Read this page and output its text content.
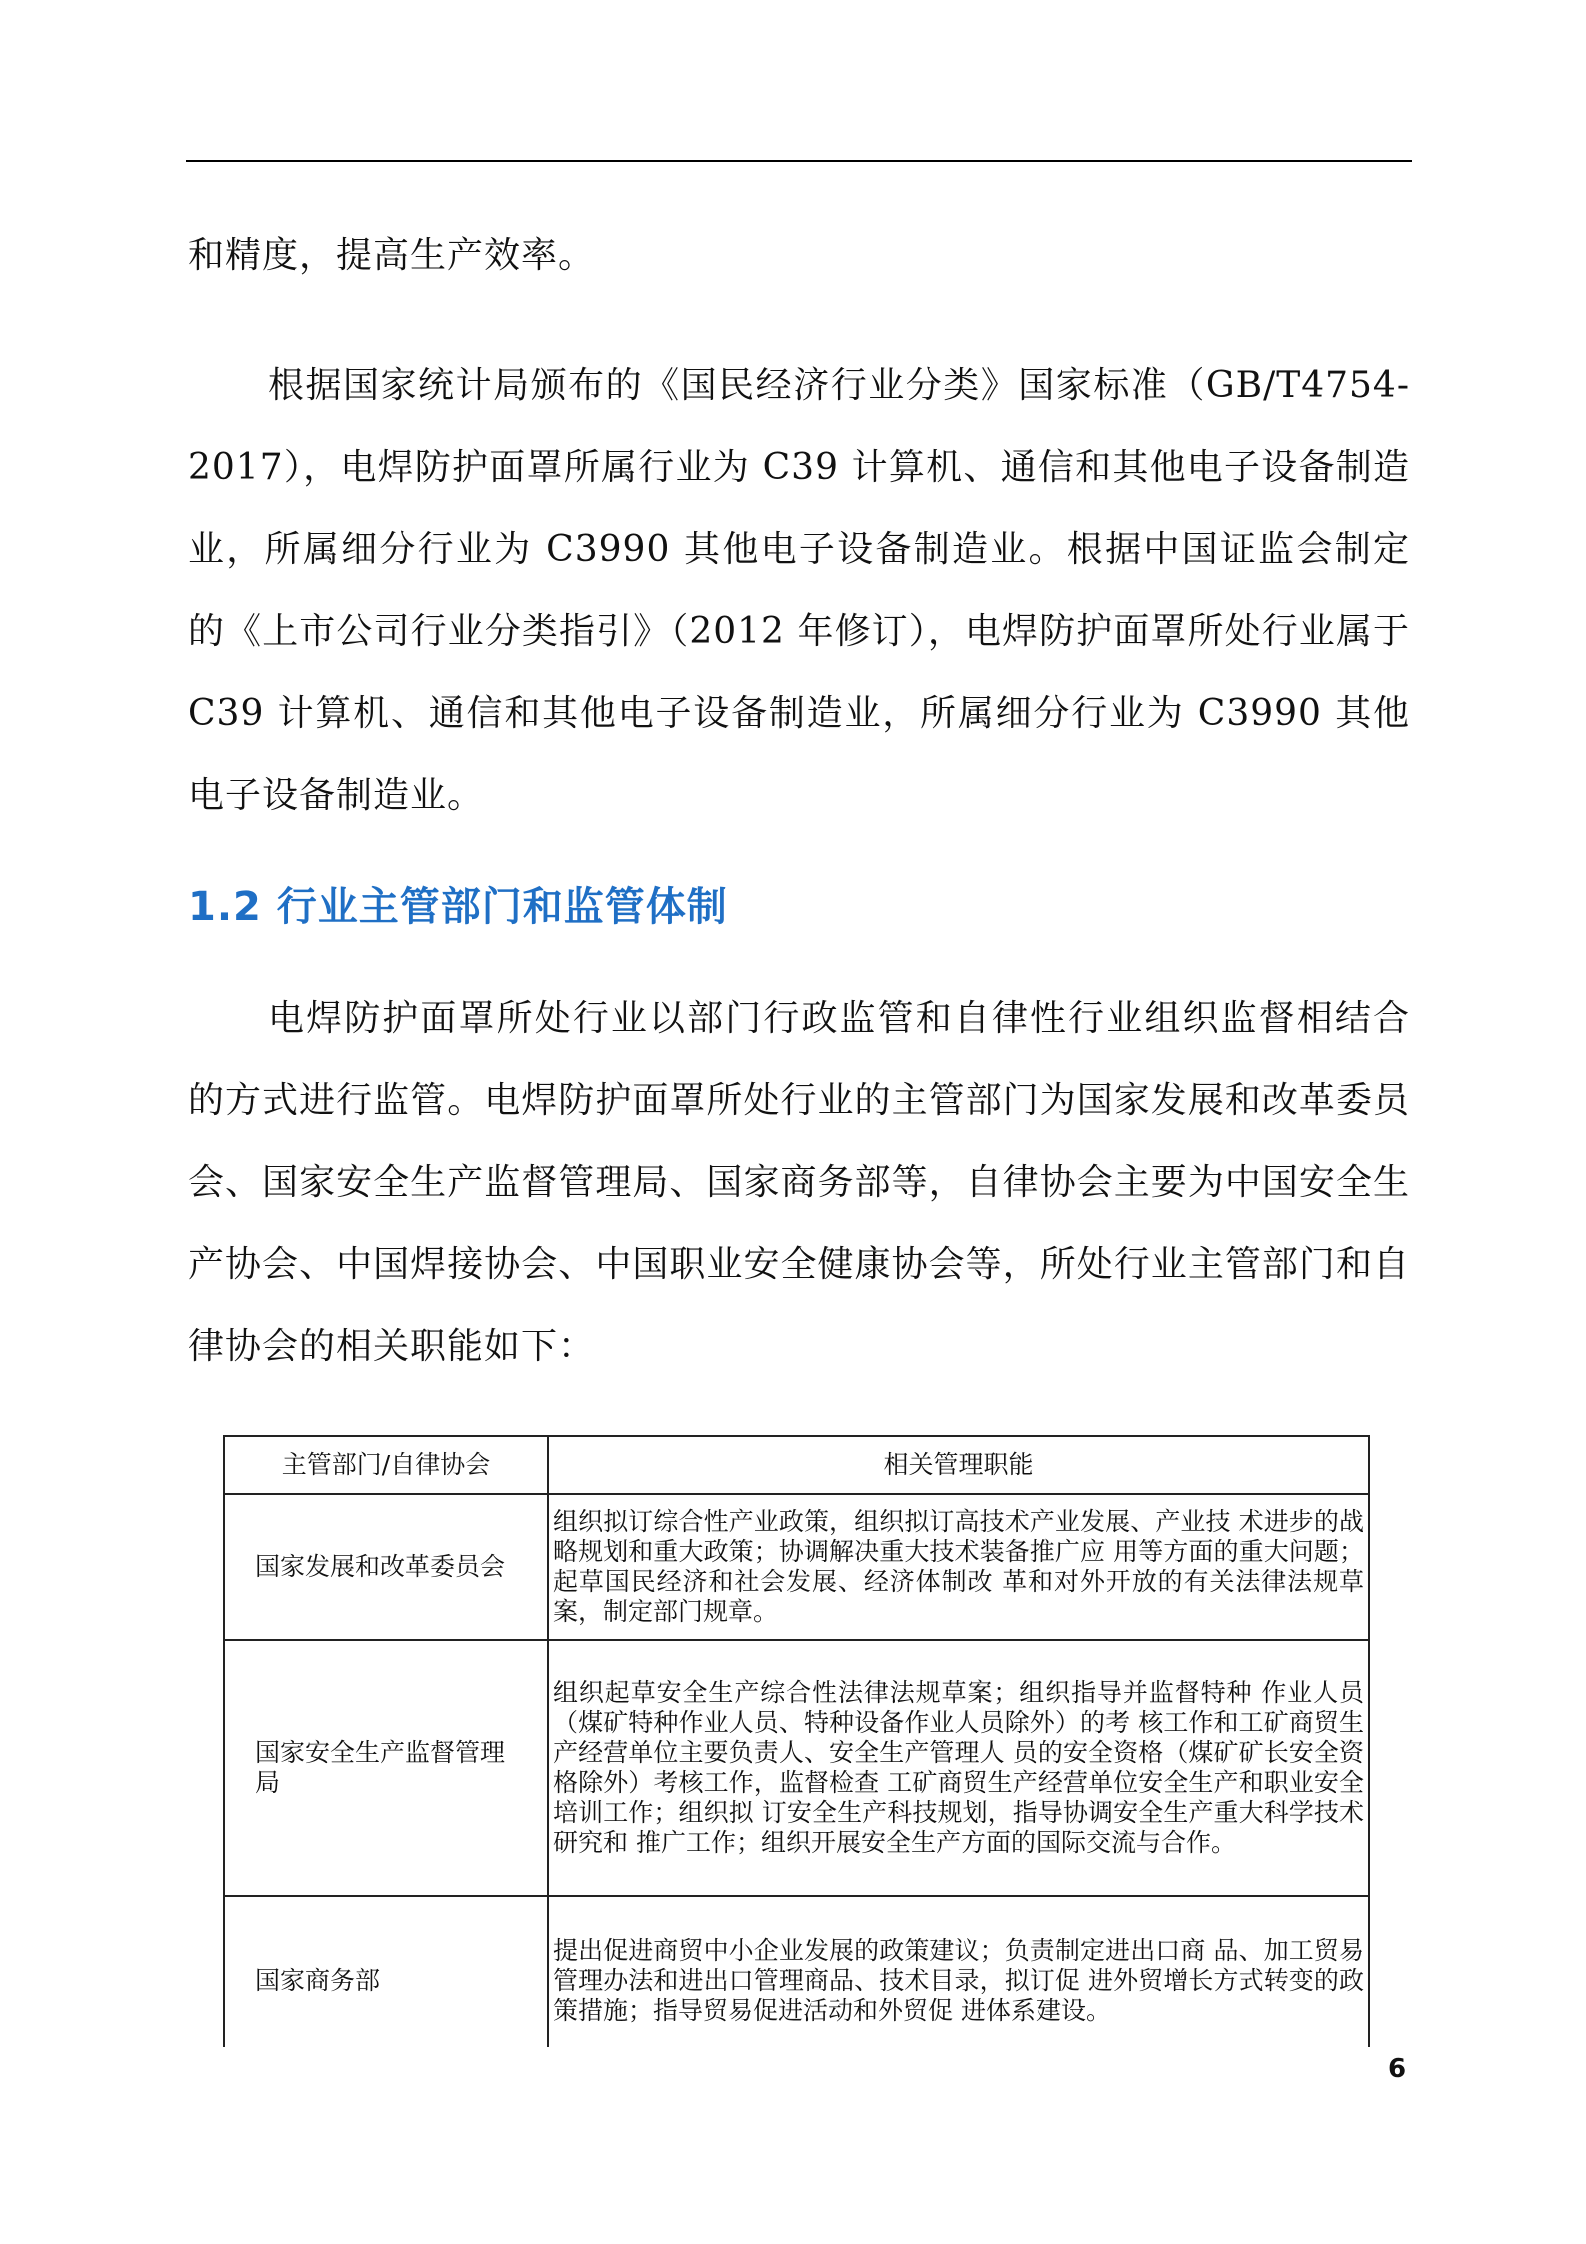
和精度，提高生产效率。

根据国家统计局颁布的《国民经济行业分类》国家标准（GB/T4754-2017），电焊防护面罩所属行业为 C39 计算机、通信和其他电子设备制造业，所属细分行业为 C3990 其他电子设备制造业。根据中国证监会制定的《上市公司行业分类指引》（2012 年修订），电焊防护面罩所处行业属于 C39 计算机、通信和其他电子设备制造业，所属细分行业为 C3990 其他电子设备制造业。

1.2 行业主管部门和监管体制

电焊防护面罩所处行业以部门行政监管和自律性行业组织监督相结合的方式进行监管。电焊防护面罩所处行业的主管部门为国家发展和改革委员会、国家安全生产监督管理局、国家商务部等，自律协会主要为中国安全生产协会、中国焊接协会、中国职业安全健康协会等，所处行业主管部门和自律协会的相关职能如下：

主管部门/自律协会	相关管理职能
国家发展和改革委员会	组织拟订综合性产业政策，组织拟订高技术产业发展、产业技 术进步的战略规划和重大政策；协调解决重大技术装备推广应 用等方面的重大问题；起草国民经济和社会发展、经济体制改 革和对外开放的有关法律法规草案，制定部门规章。
国家安全生产监督管理局	组织起草安全生产综合性法律法规草案；组织指导并监督特种 作业人员（煤矿特种作业人员、特种设备作业人员除外）的考 核工作和工矿商贸生产经营单位主要负责人、安全生产管理人 员的安全资格（煤矿矿长安全资格除外）考核工作，监督检查 工矿商贸生产经营单位安全生产和职业安全培训工作；组织拟 订安全生产科技规划，指导协调安全生产重大科学技术研究和 推广工作；组织开展安全生产方面的国际交流与合作。
国家商务部	提出促进商贸中小企业发展的政策建议；负责制定进出口商 品、加工贸易管理办法和进出口管理商品、技术目录，拟订促 进外贸增长方式转变的政策措施；指导贸易促进活动和外贸促 进体系建设。
6
